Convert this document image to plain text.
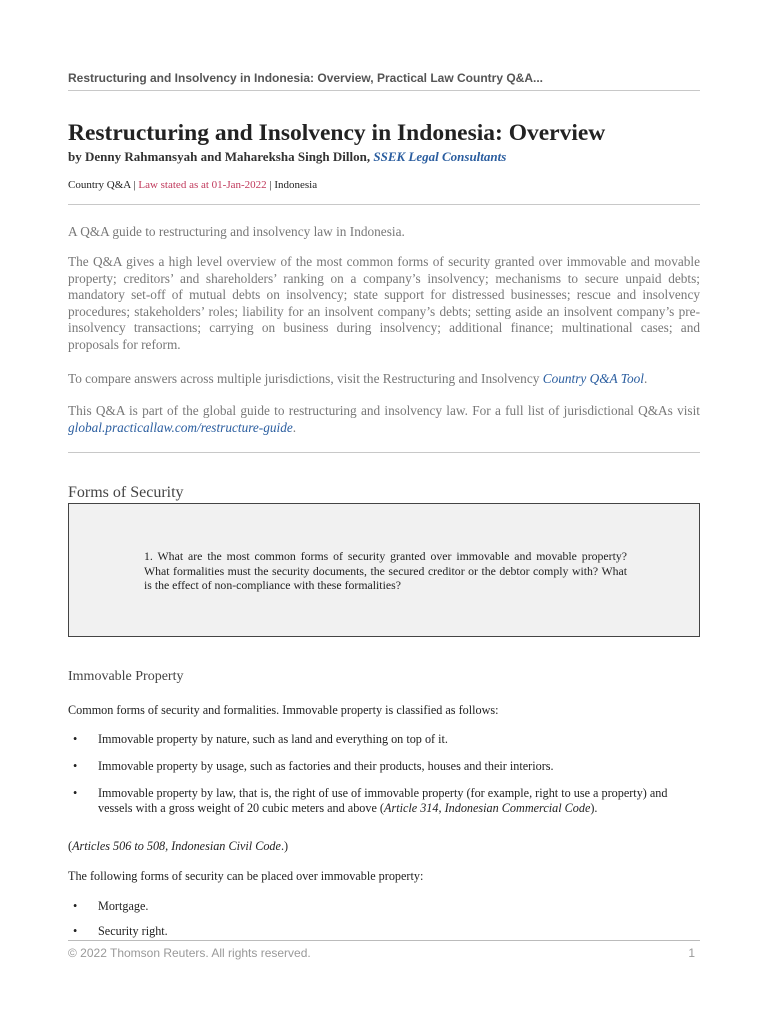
Restructuring and Insolvency in Indonesia: Overview, Practical Law Country Q&A...
Restructuring and Insolvency in Indonesia: Overview
by Denny Rahmansyah and Mahareksha Singh Dillon, SSEK Legal Consultants
Country Q&A | Law stated as at 01-Jan-2022 | Indonesia

A Q&A guide to restructuring and insolvency law in Indonesia.

The Q&A gives a high level overview of the most common forms of security granted over immovable and movable property; creditors’ and shareholders’ ranking on a company’s insolvency; mechanisms to secure unpaid debts; mandatory set-off of mutual debts on insolvency; state support for distressed businesses; rescue and insolvency procedures; stakeholders’ roles; liability for an insolvent company’s debts; setting aside an insolvent company’s pre-insolvency transactions; carrying on business during insolvency; additional finance; multinational cases; and proposals for reform.

To compare answers across multiple jurisdictions, visit the Restructuring and Insolvency Country Q&A Tool.

This Q&A is part of the global guide to restructuring and insolvency law. For a full list of jurisdictional Q&As visit global.practicallaw.com/restructure-guide.

Forms of Security

1. What are the most common forms of security granted over immovable and movable property? What formalities must the security documents, the secured creditor or the debtor comply with? What is the effect of non-compliance with these formalities?

Immovable Property

Common forms of security and formalities. Immovable property is classified as follows:

• Immovable property by nature, such as land and everything on top of it.
• Immovable property by usage, such as factories and their products, houses and their interiors.
• Immovable property by law, that is, the right of use of immovable property (for example, right to use a property) and vessels with a gross weight of 20 cubic meters and above (Article 314, Indonesian Commercial Code).

(Articles 506 to 508, Indonesian Civil Code.)

The following forms of security can be placed over immovable property:

• Mortgage.
• Security right.
© 2022 Thomson Reuters. All rights reserved.	1
